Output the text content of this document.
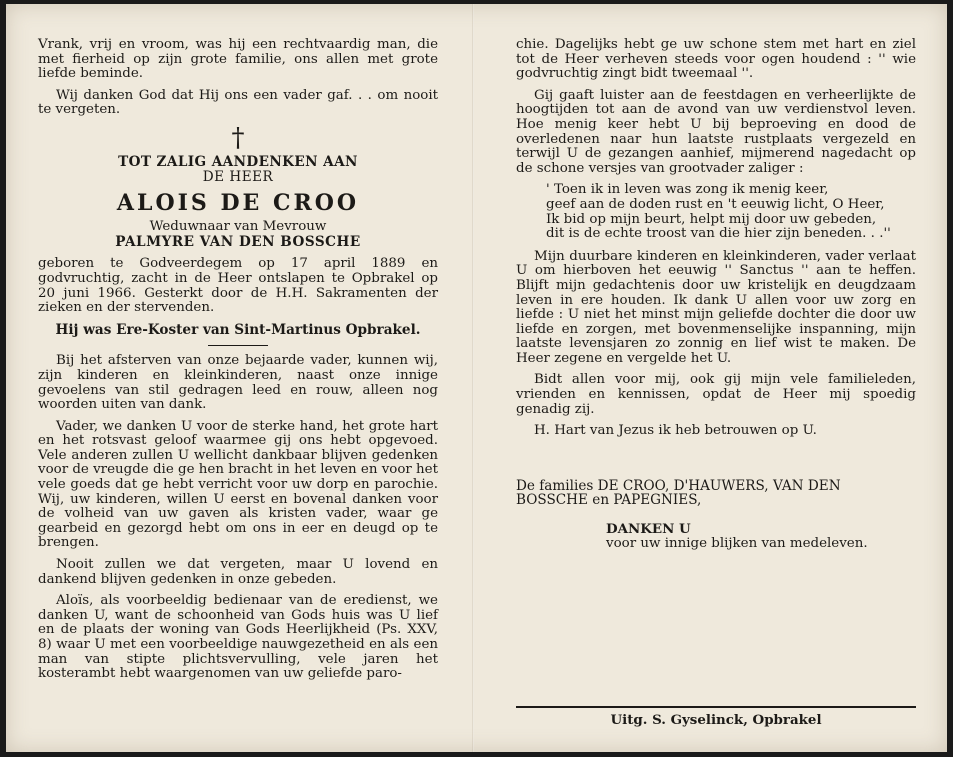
Vrank, vrij en vroom, was hij een rechtvaardig man, die met fierheid op zijn grote familie, ons allen met grote liefde beminde.

Wij danken God dat Hij ons een vader gaf. . . om nooit te vergeten.

†
TOT ZALIG AANDENKEN AAN
DE HEER
ALOIS DE CROO
Weduwnaar van Mevrouw
PALMYRE VAN DEN BOSSCHE

geboren te Godveerdegem op 17 april 1889 en godvruchtig, zacht in de Heer ontslapen te Opbrakel op 20 juni 1966. Gesterkt door de H.H. Sakramenten der zieken en der stervenden.

Hij was Ere-Koster van Sint-Martinus Opbrakel.

Bij het afsterven van onze bejaarde vader, kunnen wij, zijn kinderen en kleinkinderen, naast onze innige gevoelens van stil gedragen leed en rouw, alleen nog woorden uiten van dank.

Vader, we danken U voor de sterke hand, het grote hart en het rotsvast geloof waarmee gij ons hebt opgevoed. Vele anderen zullen U wellicht dankbaar blijven gedenken voor de vreugde die ge hen bracht in het leven en voor het vele goeds dat ge hebt verricht voor uw dorp en parochie. Wij, uw kinderen, willen U eerst en bovenal danken voor de volheid van uw gaven als kristen vader, waar ge gearbeid en gezorgd hebt om ons in eer en deugd op te brengen.

Nooit zullen we dat vergeten, maar U lovend en dankend blijven gedenken in onze gebeden.

Aloïs, als voorbeeldig bedienaar van de eredienst, we danken U, want de schoonheid van Gods huis was U lief en de plaats der woning van Gods Heerlijkheid (Ps. XXV, 8) waar U met een voorbeeldige nauwgezetheid en als een man van stipte plichtsvervulling, vele jaren het kosterambt hebt waargenomen van uw geliefde paro-

chie. Dagelijks hebt ge uw schone stem met hart en ziel tot de Heer verheven steeds voor ogen houdend : '' wie godvruchtig zingt bidt tweemaal ''.

Gij gaaft luister aan de feestdagen en verheerlijkte de hoogtijden tot aan de avond van uw verdienstvol leven. Hoe menig keer hebt U bij beproeving en dood de overledenen naar hun laatste rustplaats vergezeld en terwijl U de gezangen aanhief, mijmerend nagedacht op de schone versjes van grootvader zaliger :

' Toen ik in leven was zong ik menig keer,
geef aan de doden rust en 't eeuwig licht, O Heer,
Ik bid op mijn beurt, helpt mij door uw gebeden,
dit is de echte troost van die hier zijn beneden. . .''

Mijn duurbare kinderen en kleinkinderen, vader verlaat U om hierboven het eeuwig '' Sanctus '' aan te heffen. Blijft mijn gedachtenis door uw kristelijk en deugdzaam leven in ere houden. Ik dank U allen voor uw zorg en liefde : U niet het minst mijn geliefde dochter die door uw liefde en zorgen, met bovenmenselijke inspanning, mijn laatste levensjaren zo zonnig en lief wist te maken. De Heer zegene en vergelde het U.

Bidt allen voor mij, ook gij mijn vele familieleden, vrienden en kennissen, opdat de Heer mij spoedig genadig zij.

H. Hart van Jezus ik heb betrouwen op U.

De families DE CROO, D'HAUWERS, VAN DEN BOSSCHE en PAPEGNIES,
DANKEN U
voor uw innige blijken van medeleven.
Uitg. S. Gyselinck, Opbrakel
